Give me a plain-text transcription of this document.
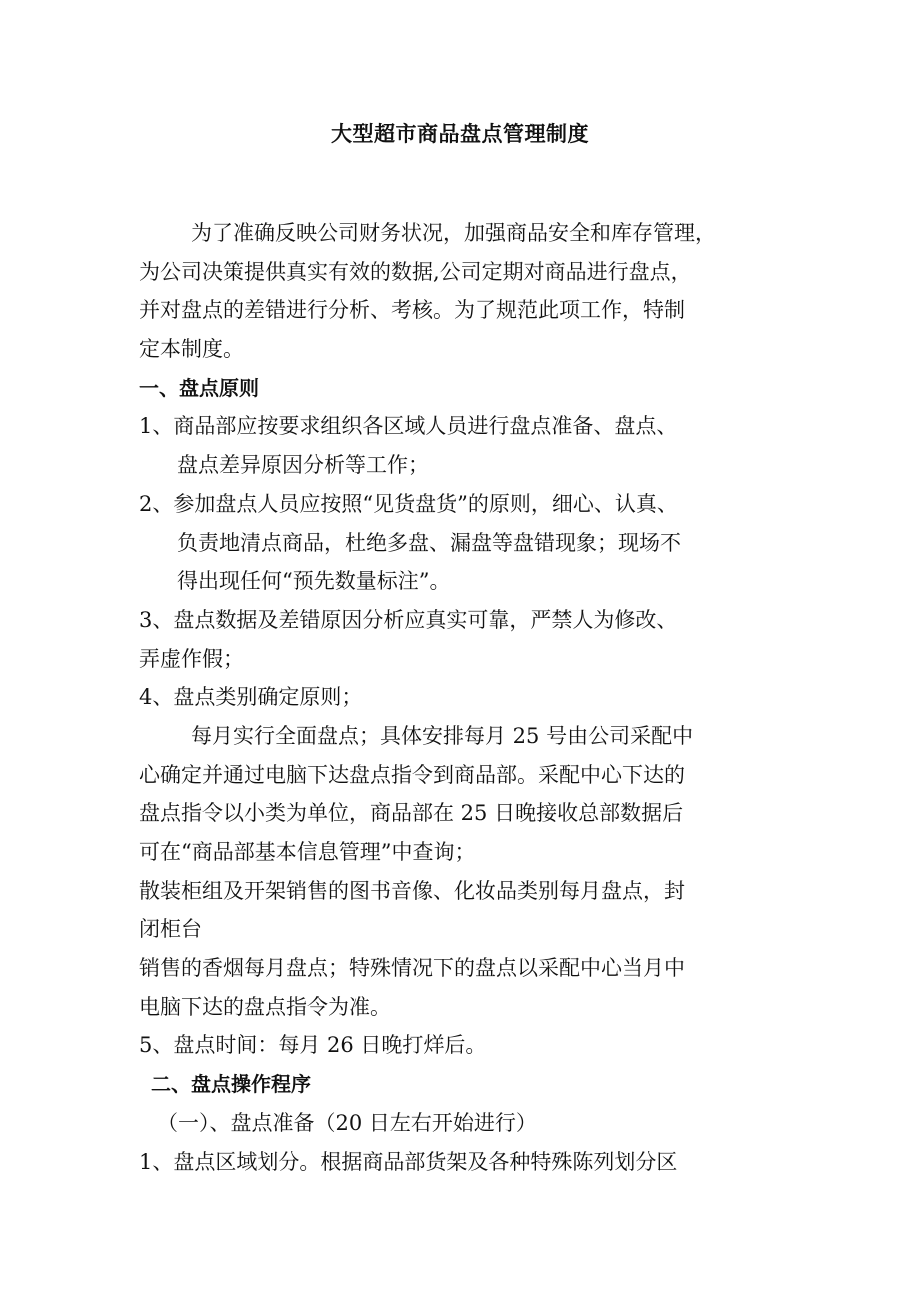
大型超市商品盘点管理制度
为了准确反映公司财务状况，加强商品安全和库存管理，
为公司决策提供真实有效的数据,公司定期对商品进行盘点，
并对盘点的差错进行分析、考核。为了规范此项工作，特制
定本制度。
一、盘点原则
1、商品部应按要求组织各区域人员进行盘点准备、盘点、
盘点差异原因分析等工作；
2、参加盘点人员应按照“见货盘货”的原则，细心、认真、
负责地清点商品，杜绝多盘、漏盘等盘错现象；现场不
得出现任何“预先数量标注”。
3、盘点数据及差错原因分析应真实可靠，严禁人为修改、
弄虚作假；
4、盘点类别确定原则；
每月实行全面盘点；具体安排每月 25 号由公司采配中
心确定并通过电脑下达盘点指令到商品部。采配中心下达的
盘点指令以小类为单位，商品部在 25 日晚接收总部数据后
可在“商品部基本信息管理”中查询；
散装柜组及开架销售的图书音像、化妆品类别每月盘点，封
闭柜台
销售的香烟每月盘点；特殊情况下的盘点以采配中心当月中
电脑下达的盘点指令为准。
5、盘点时间：每月 26 日晚打烊后。
二、盘点操作程序
（一）、盘点准备（20 日左右开始进行）
1、盘点区域划分。根据商品部货架及各种特殊陈列划分区
